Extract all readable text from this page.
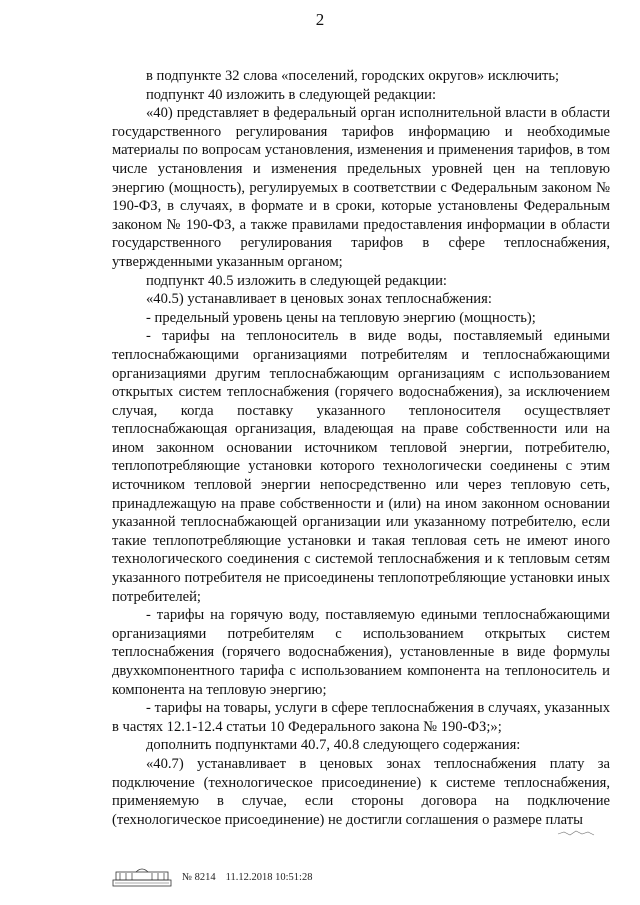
2

в подпункте 32 слова «поселений, городских округов» исключить;

подпункт 40 изложить в следующей редакции:

«40) представляет в федеральный орган исполнительной власти в области государственного регулирования тарифов информацию и необходимые материалы по вопросам установления, изменения и применения тарифов, в том числе установления и изменения предельных уровней цен на тепловую энергию (мощность), регулируемых в соответствии с Федеральным законом № 190-ФЗ, в случаях, в формате и в сроки, которые установлены Федеральным законом № 190-ФЗ, а также правилами предоставления информации в области государственного регулирования тарифов в сфере теплоснабжения, утвержденными указанным органом;

подпункт 40.5 изложить в следующей редакции:

«40.5) устанавливает в ценовых зонах теплоснабжения:

- предельный уровень цены на тепловую энергию (мощность);

- тарифы на теплоноситель в виде воды, поставляемый едиными теплоснабжающими организациями потребителям и теплоснабжающими организациями другим теплоснабжающим организациям с использованием открытых систем теплоснабжения (горячего водоснабжения), за исключением случая, когда поставку указанного теплоносителя осуществляет теплоснабжающая организация, владеющая на праве собственности или на ином законном основании источником тепловой энергии, потребителю, теплопотребляющие установки которого технологически соединены с этим источником тепловой энергии непосредственно или через тепловую сеть, принадлежащую на праве собственности и (или) на ином законном основании указанной теплоснабжающей организации или указанному потребителю, если такие теплопотребляющие установки и такая тепловая сеть не имеют иного технологического соединения с системой теплоснабжения и к тепловым сетям указанного потребителя не присоединены теплопотребляющие установки иных потребителей;

- тарифы на горячую воду, поставляемую едиными теплоснабжающими организациями потребителям с использованием открытых систем теплоснабжения (горячего водоснабжения), установленные в виде формулы двухкомпонентного тарифа с использованием компонента на теплоноситель и компонента на тепловую энергию;

- тарифы на товары, услуги в сфере теплоснабжения в случаях, указанных в частях 12.1-12.4 статьи 10 Федерального закона № 190-ФЗ;»;

дополнить подпунктами 40.7, 40.8 следующего содержания:

«40.7) устанавливает в ценовых зонах теплоснабжения плату за подключение (технологическое присоединение) к системе теплоснабжения, применяемую в случае, если стороны договора на подключение (технологическое присоединение) не достигли соглашения о размере платы

№ 8214 11.12.2018 10:51:28
